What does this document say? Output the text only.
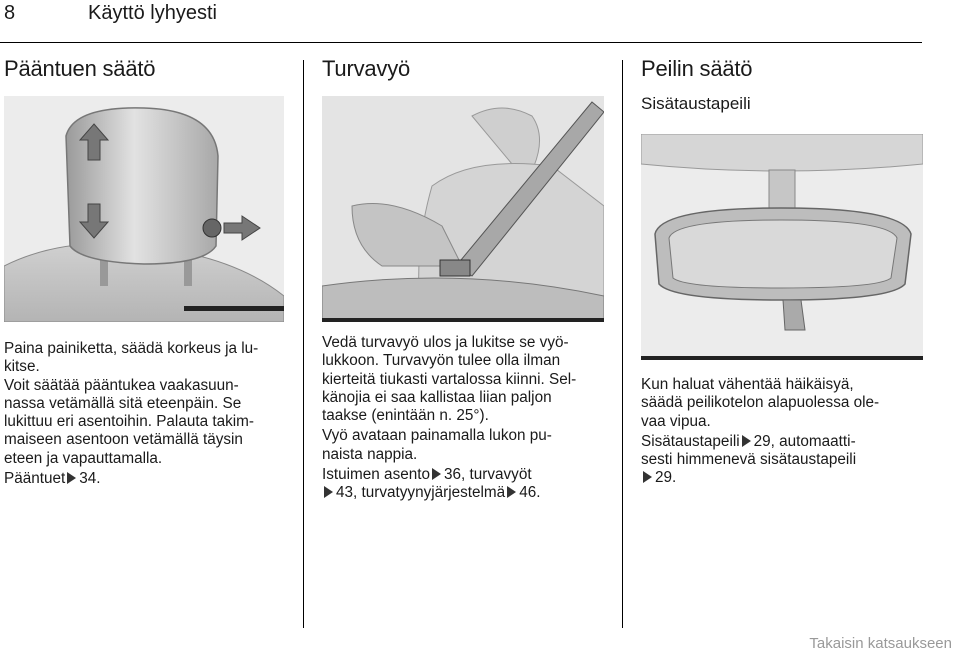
8	Käyttö lyhyesti
Pääntuen säätö

Paina painiketta, säädä korkeus ja lu-

kitse.

Voit säätää pääntukea vaakasuun-

nassa vetämällä sitä eteenpäin. Se

lukittuu eri asentoihin. Palauta takim-

maiseen asentoon vetämällä täysin

eteen ja vapauttamalla.

Pääntuet 34.

Turvavyö

Vedä turvavyö ulos ja lukitse se vyö-

lukkoon. Turvavyön tulee olla ilman

kierteitä tiukasti vartalossa kiinni. Sel-

känojia ei saa kallistaa liian paljon

taakse (enintään n. 25°).

Vyö avataan painamalla lukon pu-

naista nappia.

Istuimen asento 36, turvavyöt

43, turvatyynyjärjestelmä 46.

Peilin säätö
Sisätaustapeili

Kun haluat vähentää häikäisyä,

säädä peilikotelon alapuolessa ole-

vaa vipua.

Sisätaustapeili 29, automaatti-

sesti himmenevä sisätaustapeili

29.

Takaisin katsaukseen
